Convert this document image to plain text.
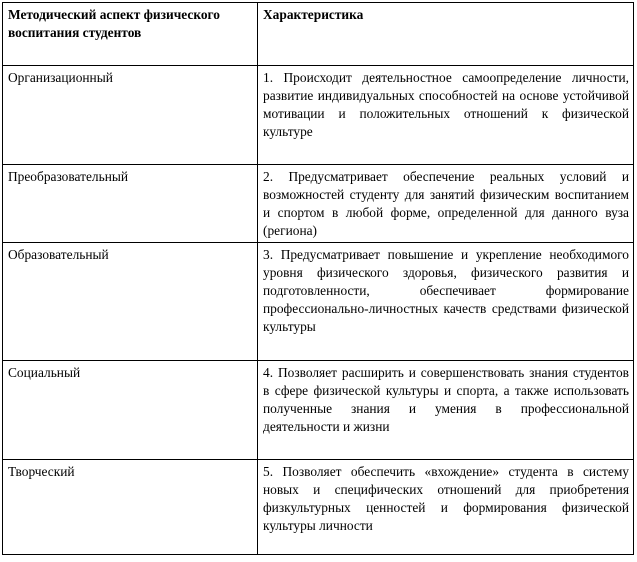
Методический аспект физического воспитания студентов	Характеристика
Организационный	1. Происходит деятельностное самоопределение личности, развитие индивидуальных способностей на основе устойчивой мотивации и положительных отношений к физической культуре
Преобразовательный	2. Предусматривает обеспечение реальных условий и возможностей студенту для занятий физическим воспитанием и спортом в любой форме, определенной для данного вуза (региона)
Образовательный	3. Предусматривает повышение и укрепление необходимого уровня физического здоровья, физического развития и подготовленности, обеспечивает формирование профессионально-личностных качеств средствами физической культуры
Социальный	4. Позволяет расширить и совершенствовать знания студентов в сфере физической культуры и спорта, а также использовать полученные знания и умения в профессиональной деятельности и жизни
Творческий	5. Позволяет обеспечить «вхождение» студента в систему новых и специфических отношений для приобретения физкультурных ценностей и формирования физической культуры личности
